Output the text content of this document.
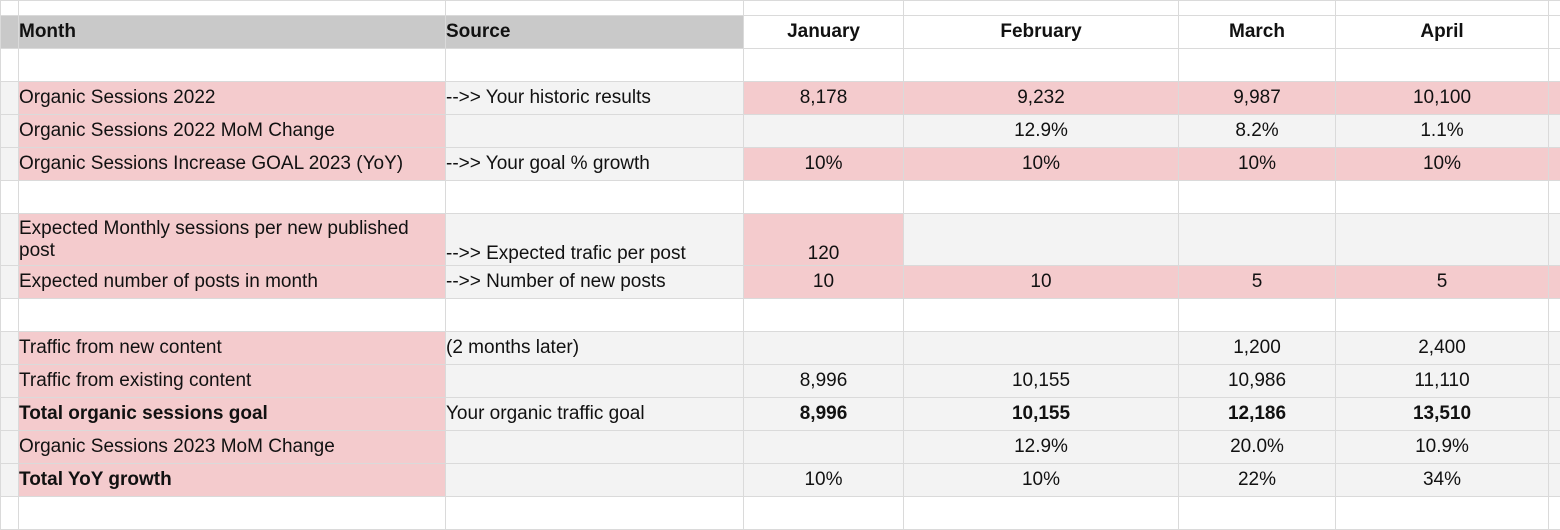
	Month	Source	January	February	March	April	

	Organic Sessions 2022	-->> Your historic results	8,178	9,232	9,987	10,100	
	Organic Sessions 2022 MoM Change			12.9%	8.2%	1.1%	
	Organic Sessions Increase GOAL 2023 (YoY)	-->> Your goal % growth	10%	10%	10%	10%	

	Expected Monthly sessions per new published post	-->> Expected trafic per post	120				
	Expected number of posts in month	-->> Number of new posts	10	10	5	5	

	Traffic from new content	(2 months later)			1,200	2,400	
	Traffic from existing content		8,996	10,155	10,986	11,110	
	Total organic sessions goal	Your organic traffic goal	8,996	10,155	12,186	13,510	
	Organic Sessions 2023 MoM Change			12.9%	20.0%	10.9%	
	Total YoY growth		10%	10%	22%	34%	
